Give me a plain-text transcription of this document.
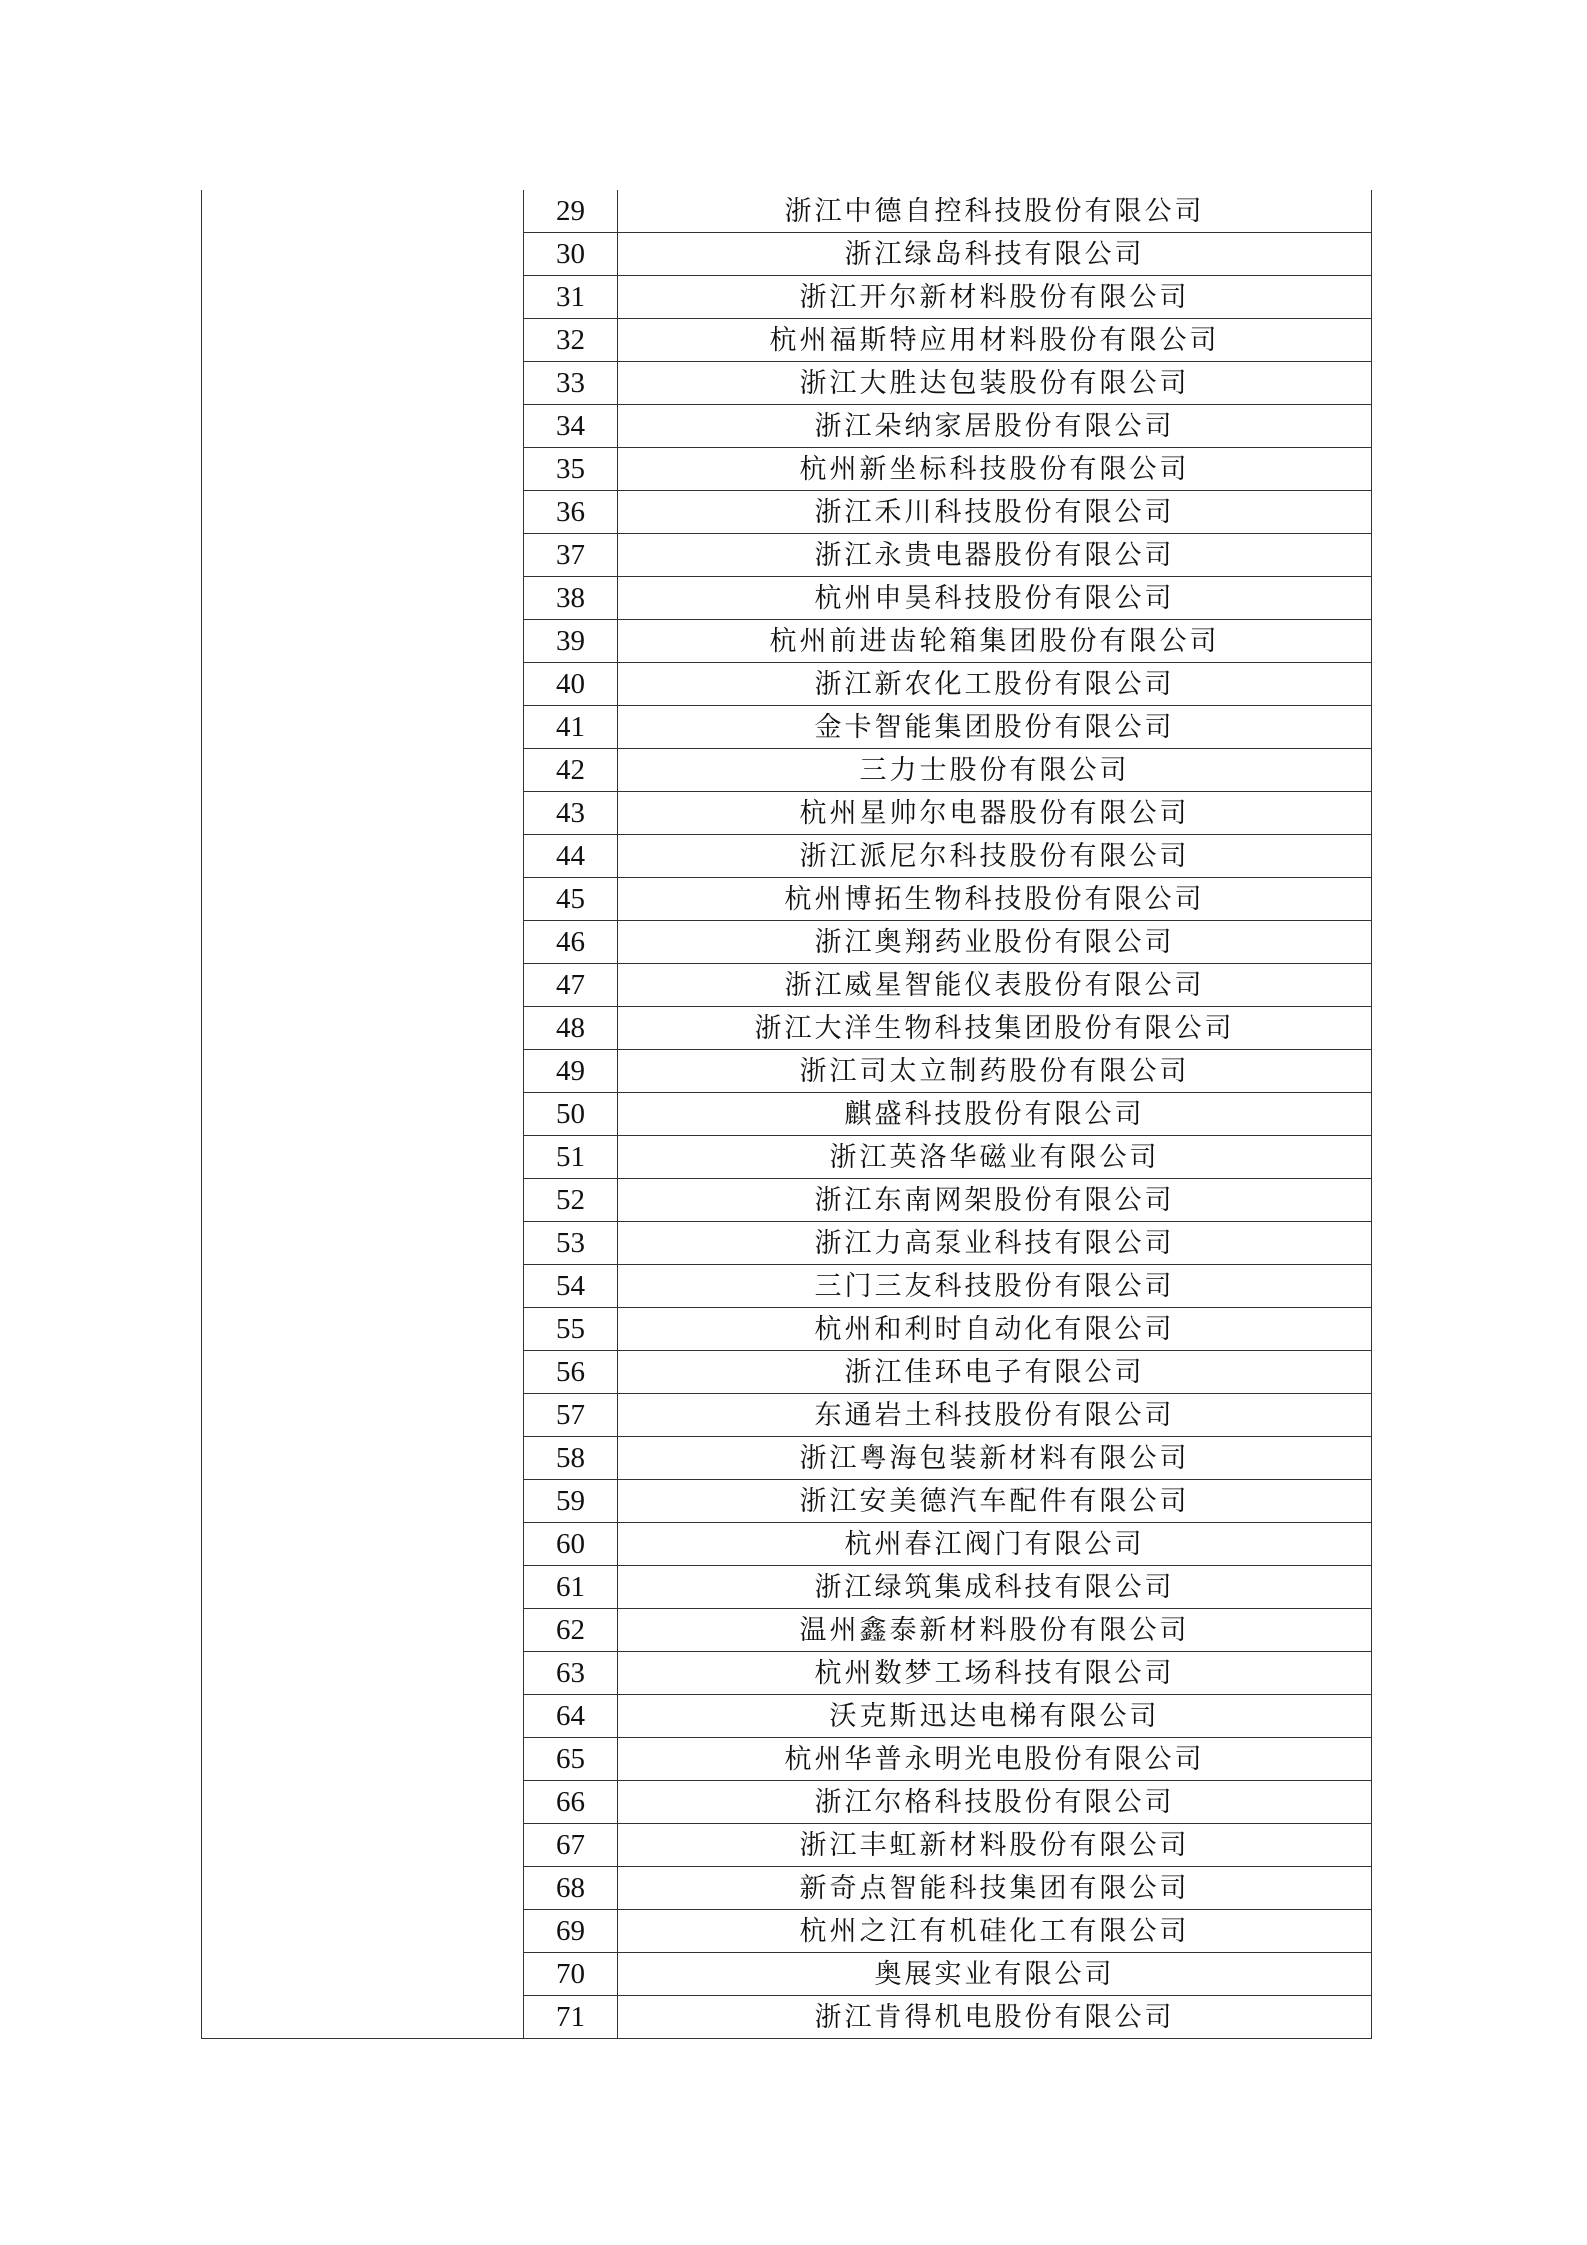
	29	浙江中德自控科技股份有限公司
	30	浙江绿岛科技有限公司
	31	浙江开尔新材料股份有限公司
	32	杭州福斯特应用材料股份有限公司
	33	浙江大胜达包装股份有限公司
	34	浙江朵纳家居股份有限公司
	35	杭州新坐标科技股份有限公司
	36	浙江禾川科技股份有限公司
	37	浙江永贵电器股份有限公司
	38	杭州申昊科技股份有限公司
	39	杭州前进齿轮箱集团股份有限公司
	40	浙江新农化工股份有限公司
	41	金卡智能集团股份有限公司
	42	三力士股份有限公司
	43	杭州星帅尔电器股份有限公司
	44	浙江派尼尔科技股份有限公司
	45	杭州博拓生物科技股份有限公司
	46	浙江奥翔药业股份有限公司
	47	浙江威星智能仪表股份有限公司
	48	浙江大洋生物科技集团股份有限公司
	49	浙江司太立制药股份有限公司
	50	麒盛科技股份有限公司
	51	浙江英洛华磁业有限公司
	52	浙江东南网架股份有限公司
	53	浙江力高泵业科技有限公司
	54	三门三友科技股份有限公司
	55	杭州和利时自动化有限公司
	56	浙江佳环电子有限公司
	57	东通岩土科技股份有限公司
	58	浙江粤海包装新材料有限公司
	59	浙江安美德汽车配件有限公司
	60	杭州春江阀门有限公司
	61	浙江绿筑集成科技有限公司
	62	温州鑫泰新材料股份有限公司
	63	杭州数梦工场科技有限公司
	64	沃克斯迅达电梯有限公司
	65	杭州华普永明光电股份有限公司
	66	浙江尔格科技股份有限公司
	67	浙江丰虹新材料股份有限公司
	68	新奇点智能科技集团有限公司
	69	杭州之江有机硅化工有限公司
	70	奥展实业有限公司
	71	浙江肯得机电股份有限公司
